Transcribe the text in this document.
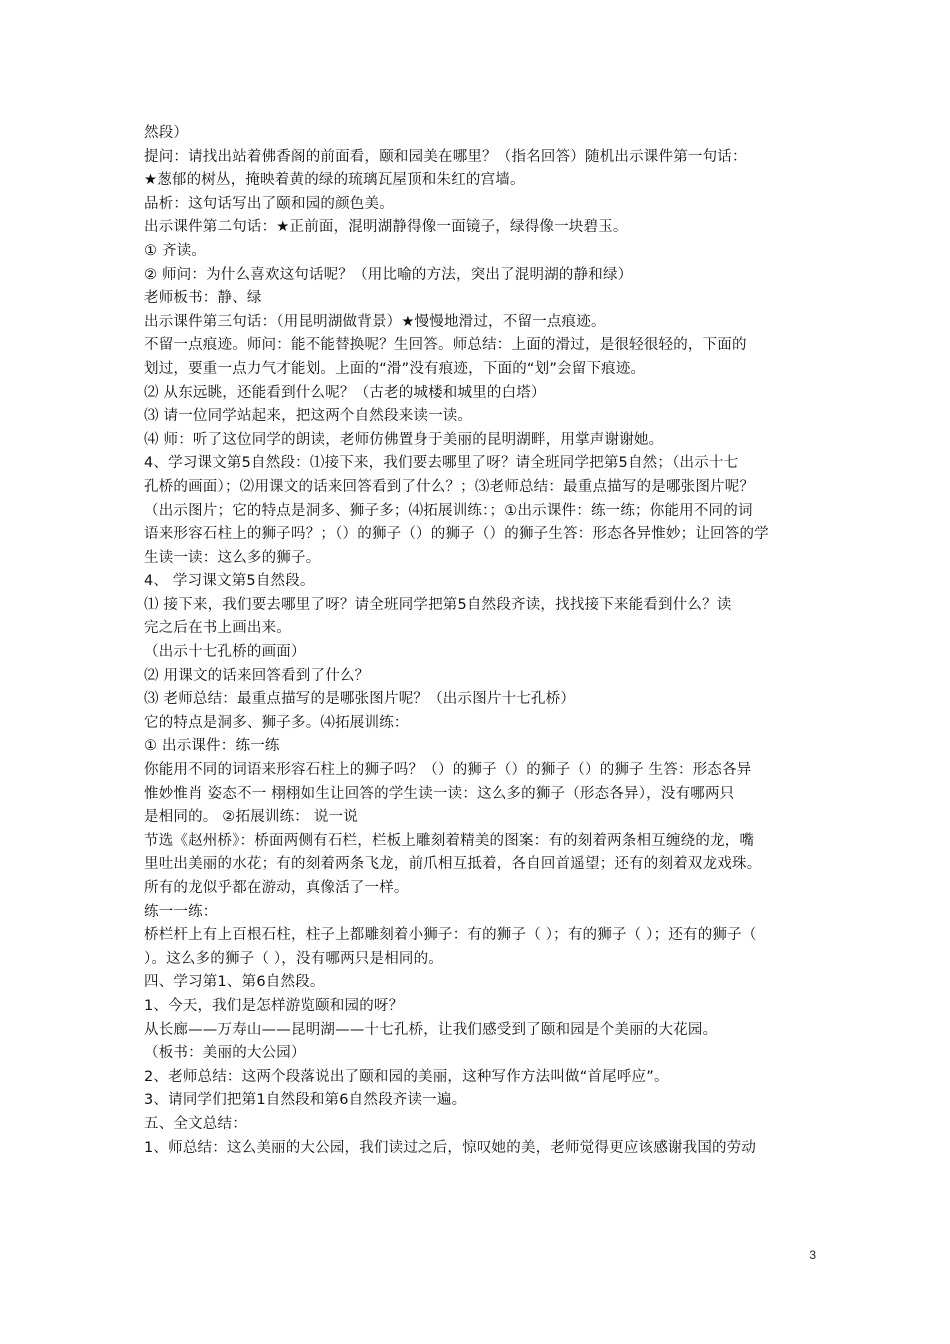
然段）
提问：请找出站着佛香阁的前面看，颐和园美在哪里？（指名回答）随机出示课件第一句话：
★葱郁的树丛，掩映着黄的绿的琉璃瓦屋顶和朱红的宫墙。
品析：这句话写出了颐和园的颜色美。
出示课件第二句话：★正前面，混明湖静得像一面镜子，绿得像一块碧玉。
① 齐读。
② 师问：为什么喜欢这句话呢？（用比喻的方法，突出了混明湖的静和绿）
老师板书：静、绿
出示课件第三句话：（用昆明湖做背景）★慢慢地滑过，不留一点痕迹。
不留一点痕迹。师问：能不能替换呢？生回答。师总结：上面的滑过，是很轻很轻的，下面的
划过，要重一点力气才能划。上面的“滑”没有痕迹，下面的“划”会留下痕迹。
⑵ 从东远眺，还能看到什么呢？（古老的城楼和城里的白塔）
⑶ 请一位同学站起来，把这两个自然段来读一读。
⑷ 师：听了这位同学的朗读，老师仿佛置身于美丽的昆明湖畔，用掌声谢谢她。
4、学习课文第5自然段：⑴接下来，我们要去哪里了呀？请全班同学把第5自然；（出示十七
孔桥的画面）；⑵用课文的话来回答看到了什么？；⑶老师总结：最重点描写的是哪张图片呢？
（出示图片；它的特点是洞多、狮子多；⑷拓展训练：；①出示课件：练一练；你能用不同的词
语来形容石柱上的狮子吗？；（）的狮子（）的狮子（）的狮子生答：形态各异惟妙；让回答的学
生读一读：这么多的狮子。
4、 学习课文第5自然段。
⑴ 接下来，我们要去哪里了呀？请全班同学把第5自然段齐读，找找接下来能看到什么？读
完之后在书上画出来。
（出示十七孔桥的画面）
⑵ 用课文的话来回答看到了什么？
⑶ 老师总结：最重点描写的是哪张图片呢？（出示图片十七孔桥）
它的特点是洞多、狮子多。⑷拓展训练：
① 出示课件：练一练
你能用不同的词语来形容石柱上的狮子吗？（）的狮子（）的狮子（）的狮子 生答：形态各异
惟妙惟肖 姿态不一 栩栩如生让回答的学生读一读：这么多的狮子（形态各异），没有哪两只
是相同的。 ②拓展训练： 说一说
节选《赵州桥》：桥面两侧有石栏，栏板上雕刻着精美的图案：有的刻着两条相互缠绕的龙，嘴
里吐出美丽的水花；有的刻着两条飞龙，前爪相互抵着，各自回首遥望；还有的刻着双龙戏珠。
所有的龙似乎都在游动，真像活了一样。
练一一练：
桥栏杆上有上百根石柱，柱子上都雕刻着小狮子：有的狮子（ ）；有的狮子（ ）；还有的狮子（
）。这么多的狮子（ ），没有哪两只是相同的。
四、学习第1、第6自然段。
1、今天，我们是怎样游览颐和园的呀？
从长廊——万寿山——昆明湖——十七孔桥，让我们感受到了颐和园是个美丽的大花园。
（板书：美丽的大公园）
2、老师总结：这两个段落说出了颐和园的美丽，这种写作方法叫做“首尾呼应”。
3、请同学们把第1自然段和第6自然段齐读一遍。
五、全文总结：
1、师总结：这么美丽的大公园，我们读过之后，惊叹她的美，老师觉得更应该感谢我国的劳动
3
